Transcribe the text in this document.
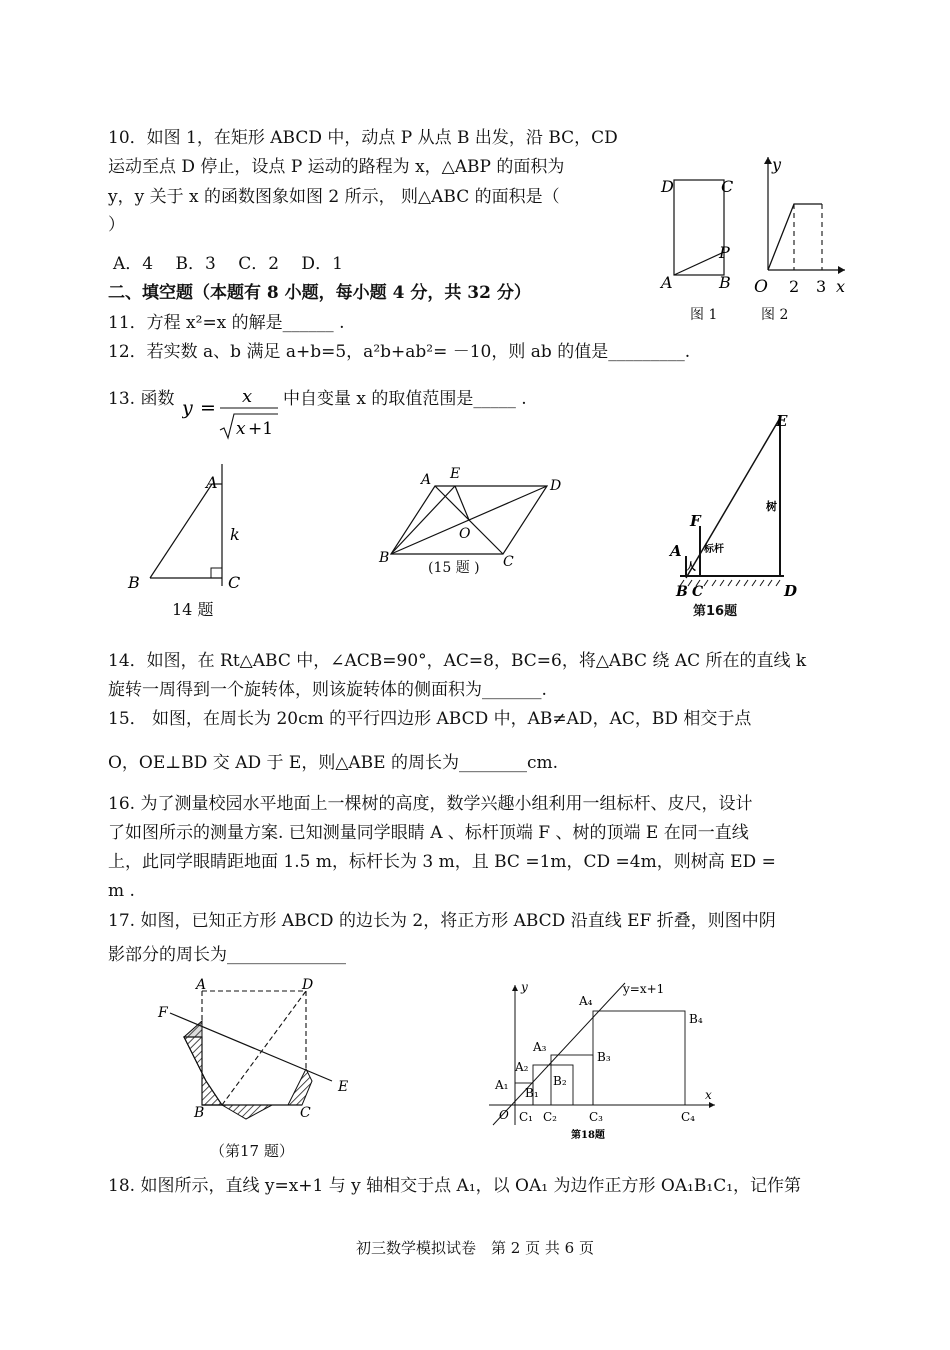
10．如图 1，在矩形 ABCD 中，动点 P 从点 B 出发，沿 BC，CD
运动至点 D 停止，设点 P 运动的路程为 x，△ABP 的面积为
y，y 关于 x 的函数图象如图 2 所示， 则△ABC 的面积是（
）
A．4　 B．3　 C．2　 D．1
D	C
A	B
P
y
O 2 3 x
图 1	图 2
二、填空题（本题有 8 小题，每小题 4 分，共 32 分）
11．方程 x²=x 的解是______ .
12．若实数 a、b 满足 a+b=5，a²b+ab²= －10，则 ab 的值是_________.
13. 函数 y =
x
x +1
中自变量 x 的取值范围是_____ .
A
B	C
k
14 题
A E
D
O
B	C
(15 题 )
E
F
A
B C	D
树
标杆
人
第16题
14．如图，在 Rt△ABC 中，∠ACB=90°，AC=8，BC=6，将△ABC 绕 AC 所在的直线 k
旋转一周得到一个旋转体，则该旋转体的侧面积为_______.
15． 如图，在周长为 20cm 的平行四边形 ABCD 中，AB≠AD，AC，BD 相交于点
O，OE⊥BD 交 AD 于 E，则△ABE 的周长为________cm.
16. 为了测量校园水平地面上一棵树的高度，数学兴趣小组利用一组标杆、皮尺，设计
了如图所示的测量方案. 已知测量同学眼睛 A 、标杆顶端 F 、树的顶端 E 在同一直线
上，此同学眼睛距地面 1.5 m，标杆长为 3 m，且 BC =1m，CD =4m，则树高 ED =
m .
17. 如图，已知正方形 ABCD 的边长为 2，将正方形 ABCD 沿直线 EF 折叠，则图中阴
影部分的周长为______________
A	D
F
E
B	C
（第17 题）
y
x
O
A₁
A₂
A₃
A₄
B₁
B₂
B₃
B₄
C₁ C₂	C₃	C₄
y=x+1
第18题
18. 如图所示，直线 y=x+1 与 y 轴相交于点 A₁，以 OA₁ 为边作正方形 OA₁B₁C₁，记作第
初三数学模拟试卷　第 2 页 共 6 页
